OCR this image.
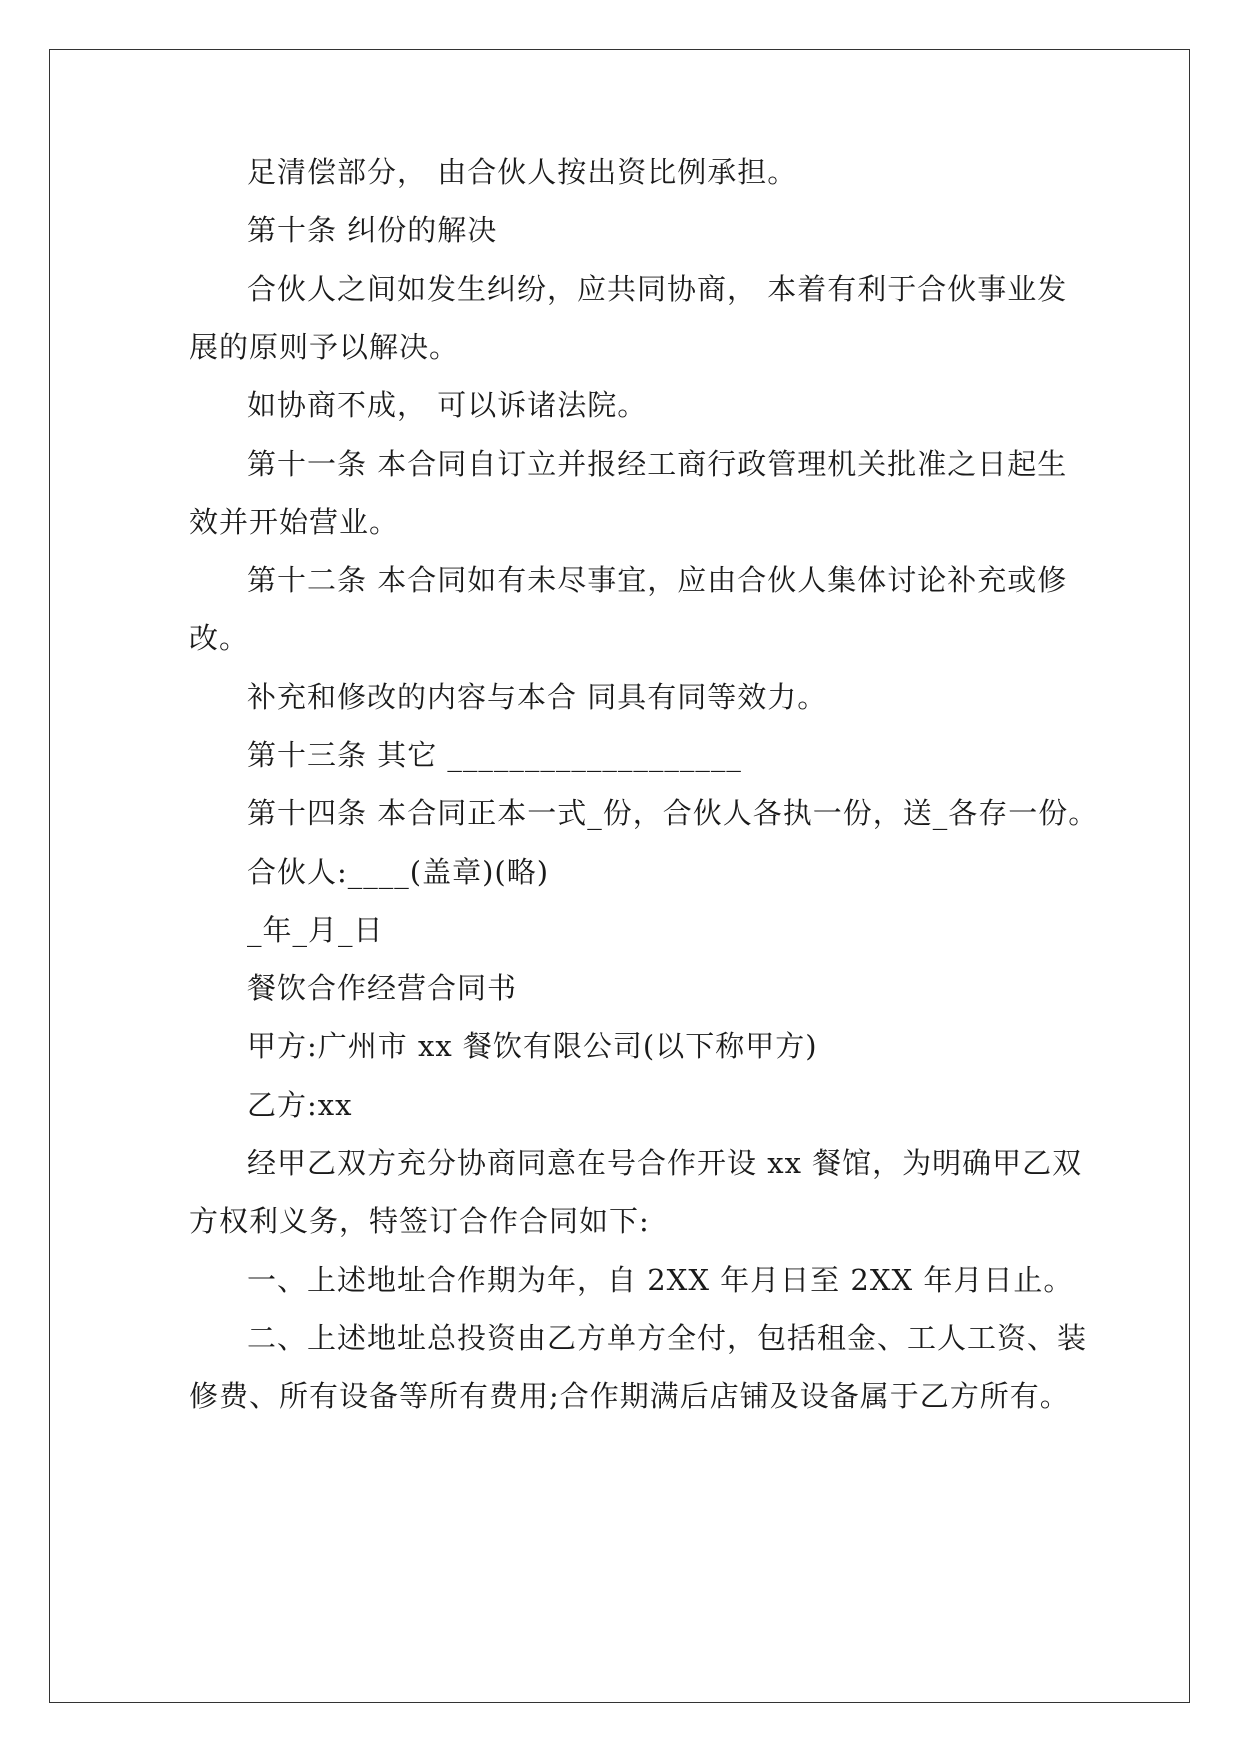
足清偿部分， 由合伙人按出资比例承担。
第十条 纠份的解决
合伙人之间如发生纠纷，应共同协商， 本着有利于合伙事业发
展的原则予以解决。
如协商不成， 可以诉诸法院。
第十一条 本合同自订立并报经工商行政管理机关批准之日起生
效并开始营业。
第十二条 本合同如有未尽事宜，应由合伙人集体讨论补充或修
改。
补充和修改的内容与本合 同具有同等效力。
第十三条 其它 ___________________
第十四条 本合同正本一式_份，合伙人各执一份，送_各存一份。
合伙人:____(盖章)(略)
_年_月_日
餐饮合作经营合同书
甲方:广州市 xx 餐饮有限公司(以下称甲方)
乙方:xx
经甲乙双方充分协商同意在号合作开设 xx 餐馆，为明确甲乙双
方权利义务，特签订合作合同如下:
一、上述地址合作期为年，自 2XX 年月日至 2XX 年月日止。
二、上述地址总投资由乙方单方全付，包括租金、工人工资、装
修费、所有设备等所有费用;合作期满后店铺及设备属于乙方所有。
